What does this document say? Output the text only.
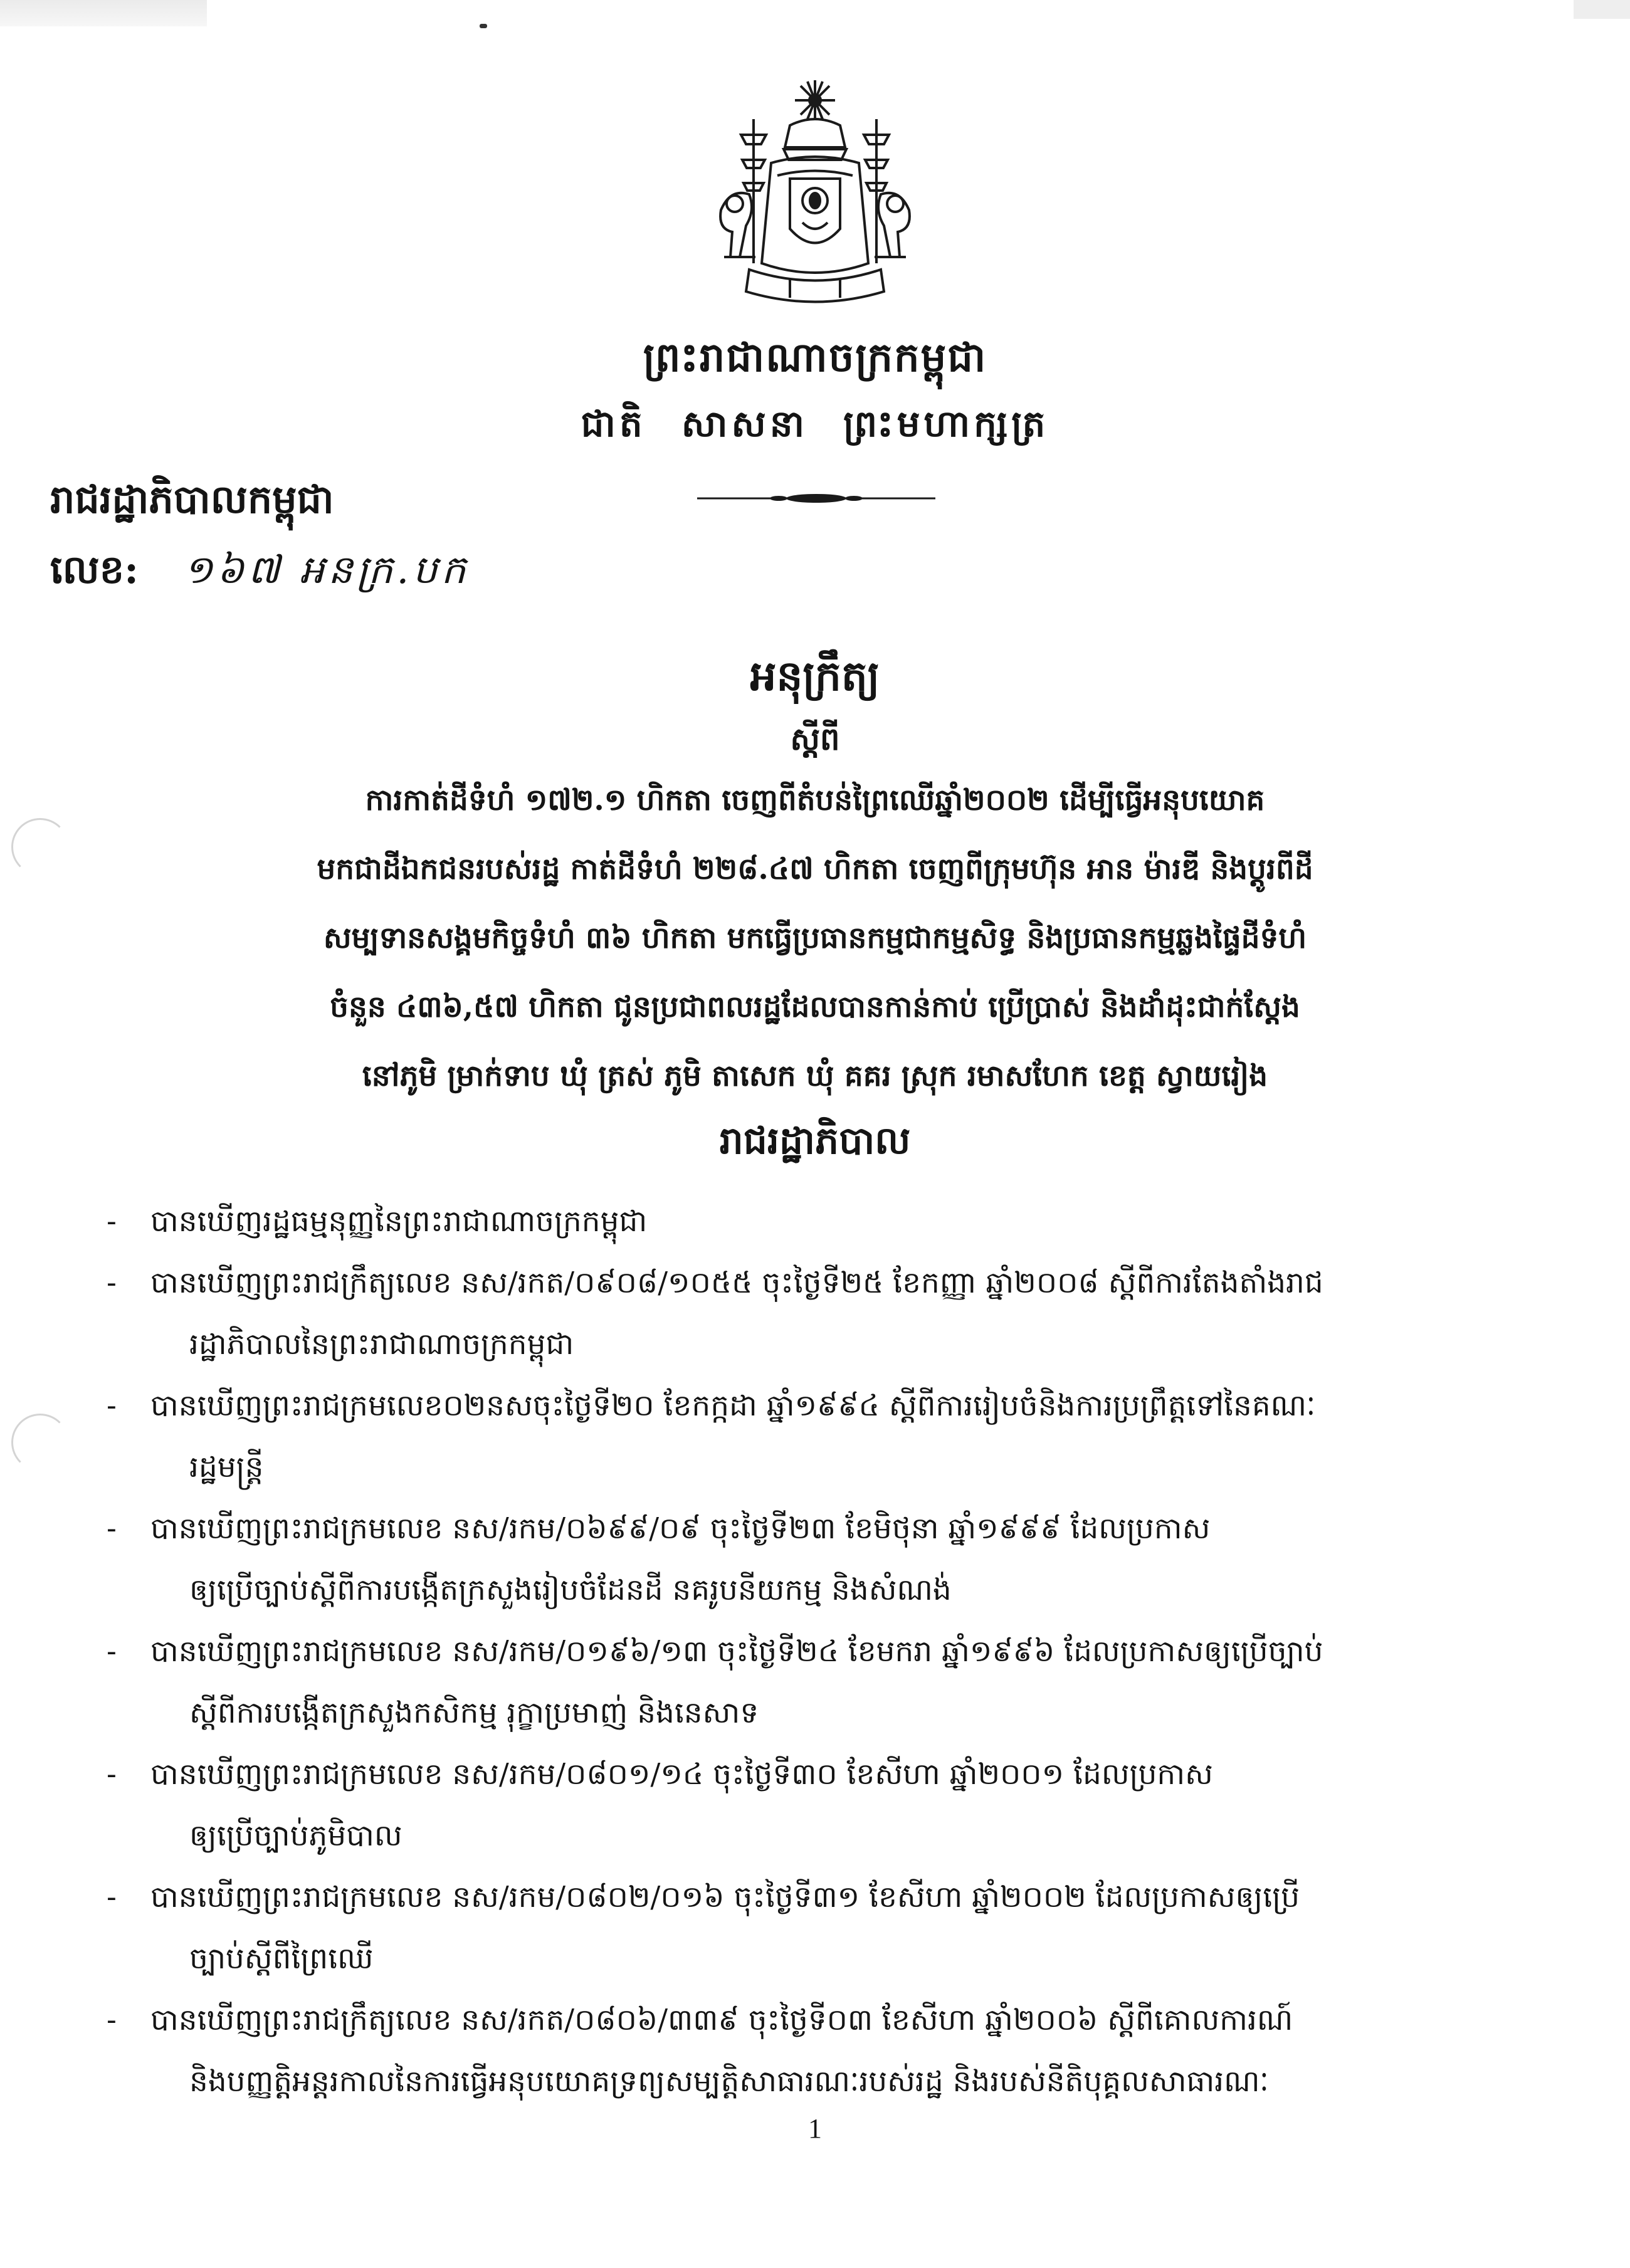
ព្រះរាជាណាចក្រកម្ពុជា
ជាតិ សាសនា ព្រះមហាក្សត្រ
រាជរដ្ឋាភិបាលកម្ពុជា
លេខ: ១៦៧ អនក្រ.បក
អនុក្រឹត្យ
ស្តីពី
ការកាត់ដីទំហំ ១៧២.១ ហិកតា ចេញពីតំបន់ព្រៃឈើឆ្នាំ២០០២ ដើម្បីធ្វើអនុបយោគ
មកជាដីឯកជនរបស់រដ្ឋ កាត់ដីទំហំ ២២៨.៤៧ ហិកតា ចេញពីក្រុមហ៊ុន អាន ម៉ារឌី និងប្តូរពីដី
សម្បទានសង្គមកិច្ចទំហំ ៣៦ ហិកតា មកធ្វើប្រធានកម្មជាកម្មសិទ្ធ និងប្រធានកម្មឆ្លងផ្ទៃដីទំហំ
ចំនួន ៤៣៦,៥៧ ហិកតា ជូនប្រជាពលរដ្ឋដែលបានកាន់កាប់ ប្រើប្រាស់ និងដាំដុះជាក់ស្តែង
នៅភូមិ ម្រាក់ទាប ឃុំ ត្រស់ ភូមិ តាសេក ឃុំ គគរ ស្រុក រមាសហែក ខេត្ត ស្វាយរៀង
រាជរដ្ឋាភិបាល
- បានឃើញរដ្ឋធម្មនុញ្ញនៃព្រះរាជាណាចក្រកម្ពុជា
- បានឃើញព្រះរាជក្រឹត្យលេខ នស/រកត/០៩០៨/១០៥៥ ចុះថ្ងៃទី២៥ ខែកញ្ញា ឆ្នាំ២០០៨ ស្តីពីការតែងតាំងរាជ
រដ្ឋាភិបាលនៃព្រះរាជាណាចក្រកម្ពុជា
- បានឃើញព្រះរាជក្រមលេខ០២នសចុះថ្ងៃទី២០ ខែកក្កដា ឆ្នាំ១៩៩៤ ស្តីពីការរៀបចំនិងការប្រព្រឹត្តទៅនៃគណៈ
រដ្ឋមន្ត្រី
- បានឃើញព្រះរាជក្រមលេខ នស/រកម/០៦៩៩/០៩ ចុះថ្ងៃទី២៣ ខែមិថុនា ឆ្នាំ១៩៩៩ ដែលប្រកាស
ឲ្យប្រើច្បាប់ស្តីពីការបង្កើតក្រសួងរៀបចំដែនដី នគរូបនីយកម្ម និងសំណង់
- បានឃើញព្រះរាជក្រមលេខ នស/រកម/០១៩៦/១៣ ចុះថ្ងៃទី២៤ ខែមករា ឆ្នាំ១៩៩៦ ដែលប្រកាសឲ្យប្រើច្បាប់
ស្តីពីការបង្កើតក្រសួងកសិកម្ម រុក្ខាប្រមាញ់ និងនេសាទ
- បានឃើញព្រះរាជក្រមលេខ នស/រកម/០៨០១/១៤ ចុះថ្ងៃទី៣០ ខែសីហា ឆ្នាំ២០០១ ដែលប្រកាស
ឲ្យប្រើច្បាប់ភូមិបាល
- បានឃើញព្រះរាជក្រមលេខ នស/រកម/០៨០២/០១៦ ចុះថ្ងៃទី៣១ ខែសីហា ឆ្នាំ២០០២ ដែលប្រកាសឲ្យប្រើ
ច្បាប់ស្តីពីព្រៃឈើ
- បានឃើញព្រះរាជក្រឹត្យលេខ នស/រកត/០៨០៦/៣៣៩ ចុះថ្ងៃទី០៣ ខែសីហា ឆ្នាំ២០០៦ ស្តីពីគោលការណ៍
និងបញ្ញត្តិអន្តរកាលនៃការធ្វើអនុបយោគទ្រព្យសម្បត្តិសាធារណៈរបស់រដ្ឋ និងរបស់នីតិបុគ្គលសាធារណៈ
1
